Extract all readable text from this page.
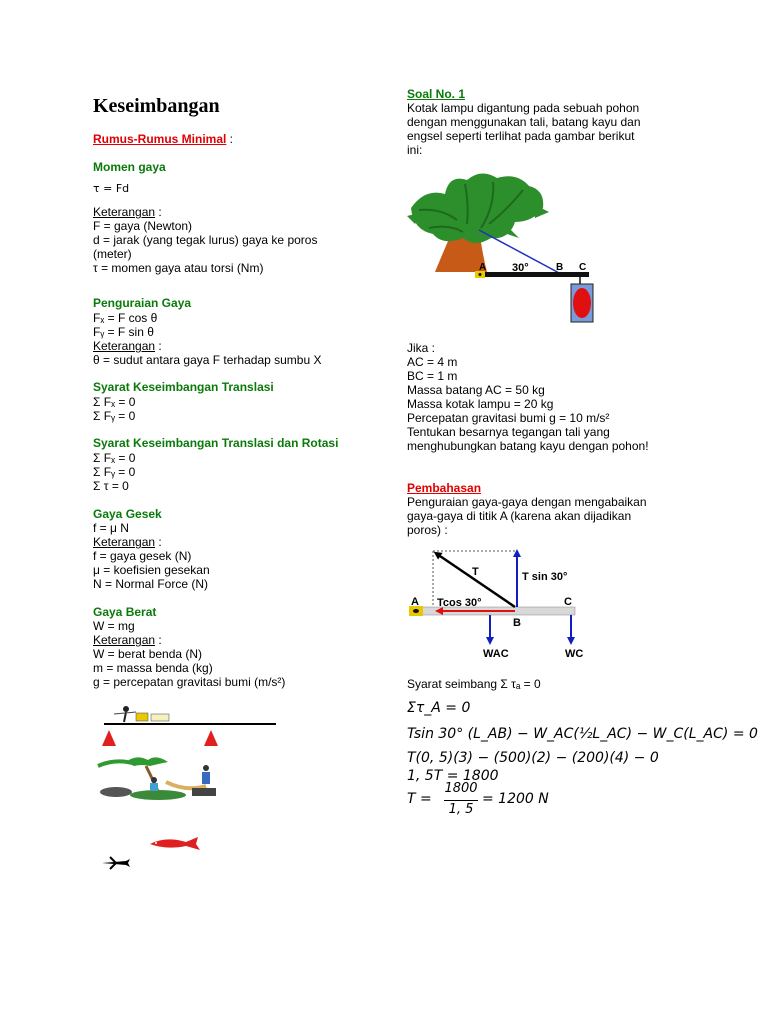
Keseimbangan
Rumus-Rumus Minimal :
Momen gaya
τ = Fd
Keterangan :
F = gaya (Newton)
d = jarak (yang tegak lurus) gaya ke poros
(meter)
τ = momen gaya atau torsi (Nm)
Penguraian Gaya
Fₓ = F cos θ
Fᵧ = F sin θ
Keterangan :
θ = sudut antara gaya F terhadap sumbu X
Syarat Keseimbangan Translasi
Σ Fₓ = 0
Σ Fᵧ = 0
Syarat Keseimbangan Translasi dan Rotasi
Σ Fₓ = 0
Σ Fᵧ = 0
Σ τ = 0
Gaya Gesek
f = μ N
Keterangan :
f = gaya gesek (N)
μ = koefisien gesekan
N = Normal Force (N)
Gaya Berat
W = mg
Keterangan :
W = berat benda (N)
m = massa benda (kg)
g = percepatan gravitasi bumi (m/s²)
Soal No. 1
Kotak lampu digantung pada sebuah pohon
dengan menggunakan tali, batang kayu dan
engsel seperti terlihat pada gambar berikut
ini:
A 30°	B C
Jika :
AC = 4 m
BC = 1 m
Massa batang AC = 50 kg
Massa kotak lampu = 20 kg
Percepatan gravitasi bumi g = 10 m/s²
Tentukan besarnya tegangan tali yang
menghubungkan batang kayu dengan pohon!
Pembahasan
Penguraian gaya-gaya dengan mengabaikan
gaya-gaya di titik A (karena akan dijadikan
poros) :
T	T sin 30°
A Tcos 30°	C
B
WAC	WC
Syarat seimbang Σ τₐ = 0
Στ_A = 0
Tsin 30° (L_AB) − W_AC(½L_AC) − W_C(L_AC) = 0
T(0, 5)(3) − (500)(2) − (200)(4) − 0
1, 5T = 1800
T =
1800
1, 5
= 1200 N
